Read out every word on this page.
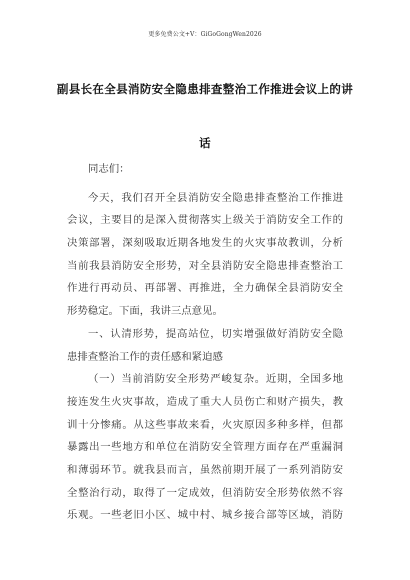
更多免费公文+V：GiGoGongWen2026
副县长在全县消防安全隐患排查整治工作推进会议上的讲
话
同志们：
今天，我们召开全县消防安全隐患排查整治工作推进
会议，主要目的是深入贯彻落实上级关于消防安全工作的
决策部署，深刻吸取近期各地发生的火灾事故教训，分析
当前我县消防安全形势，对全县消防安全隐患排查整治工
作进行再动员、再部署、再推进，全力确保全县消防安全
形势稳定。下面，我讲三点意见。
一、认清形势，提高站位，切实增强做好消防安全隐
患排查整治工作的责任感和紧迫感
（一）当前消防安全形势严峻复杂。近期，全国多地
接连发生火灾事故，造成了重大人员伤亡和财产损失，教
训十分惨痛。从这些事故来看，火灾原因多种多样，但都
暴露出一些地方和单位在消防安全管理方面存在严重漏洞
和薄弱环节。就我县而言，虽然前期开展了一系列消防安
全整治行动，取得了一定成效，但消防安全形势依然不容
乐观。一些老旧小区、城中村、城乡接合部等区域，消防
